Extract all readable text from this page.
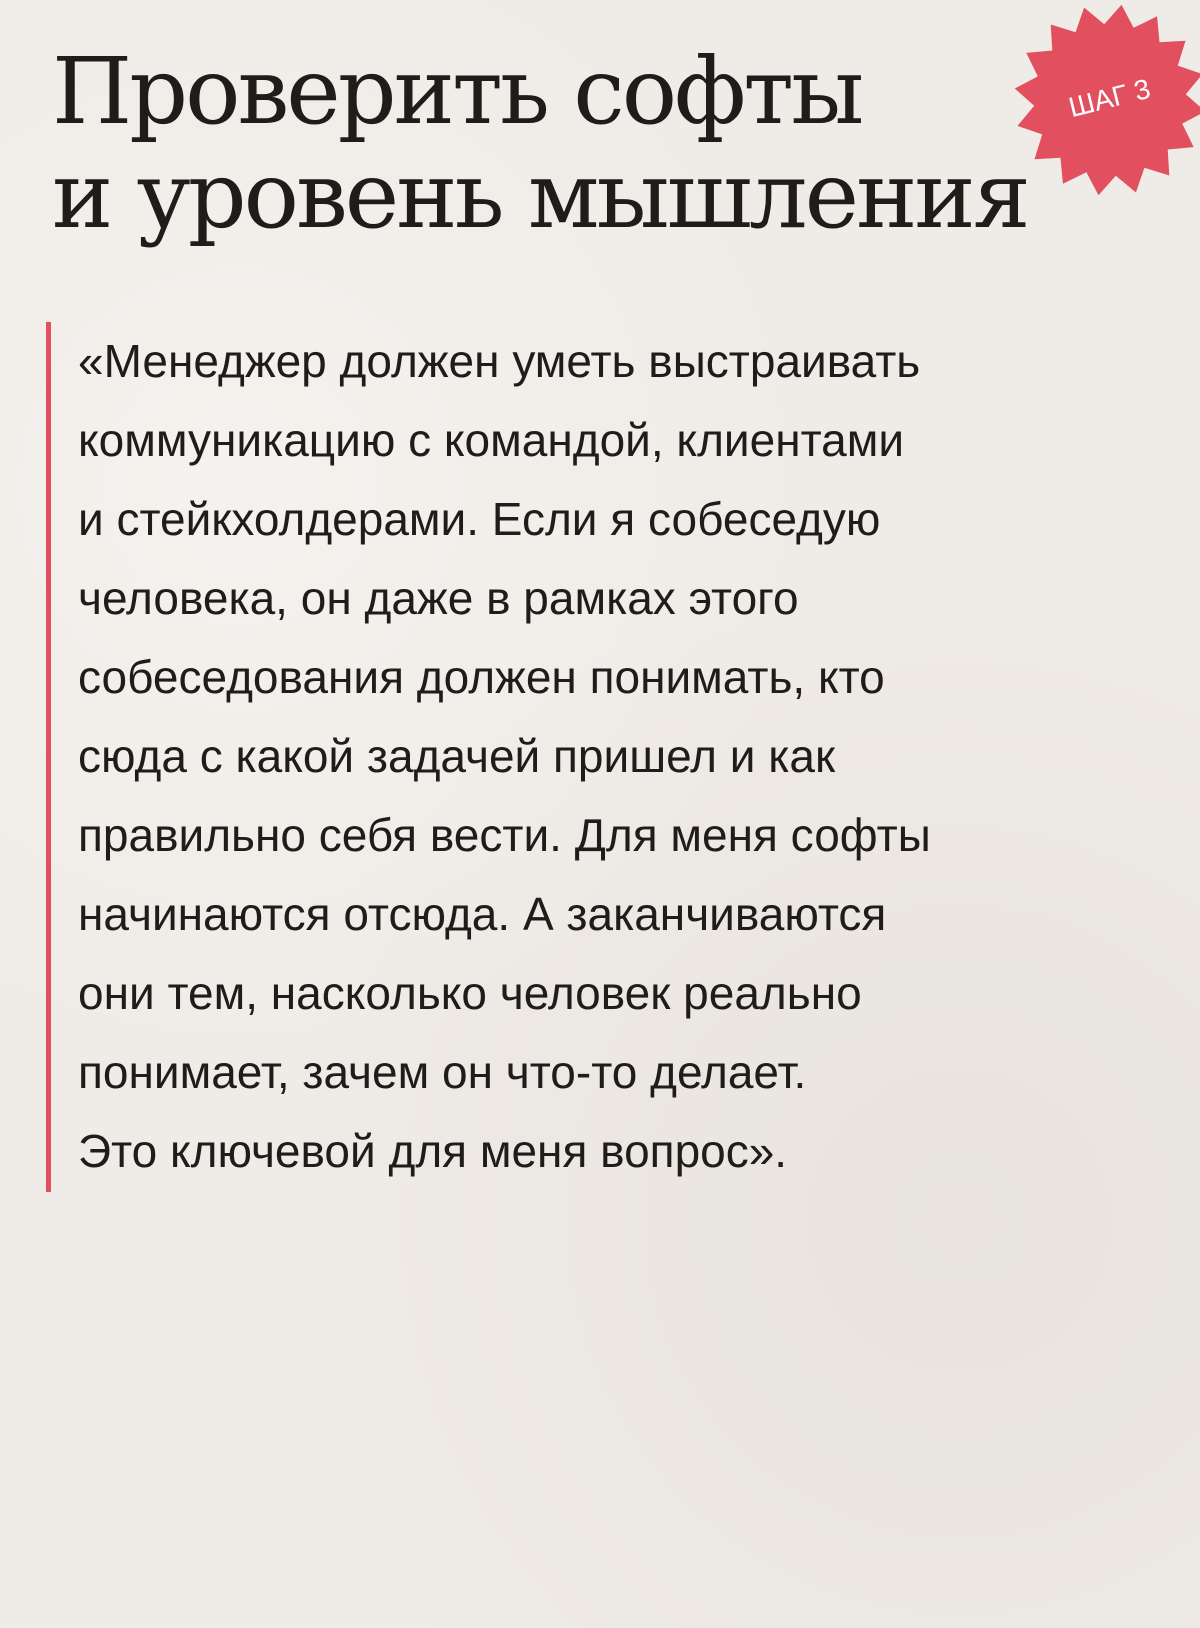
Проверить софты
и уровень мышления
ШАГ 3

«Менеджер должен уметь выстраивать
коммуникацию с командой, клиентами
и стейкхолдерами. Если я собеседую
человека, он даже в рамках этого
собеседования должен понимать, кто
сюда с какой задачей пришел и как
правильно себя вести. Для меня софты
начинаются отсюда. А заканчиваются
они тем, насколько человек реально
понимает, зачем он что-то делает.
Это ключевой для меня вопрос».
